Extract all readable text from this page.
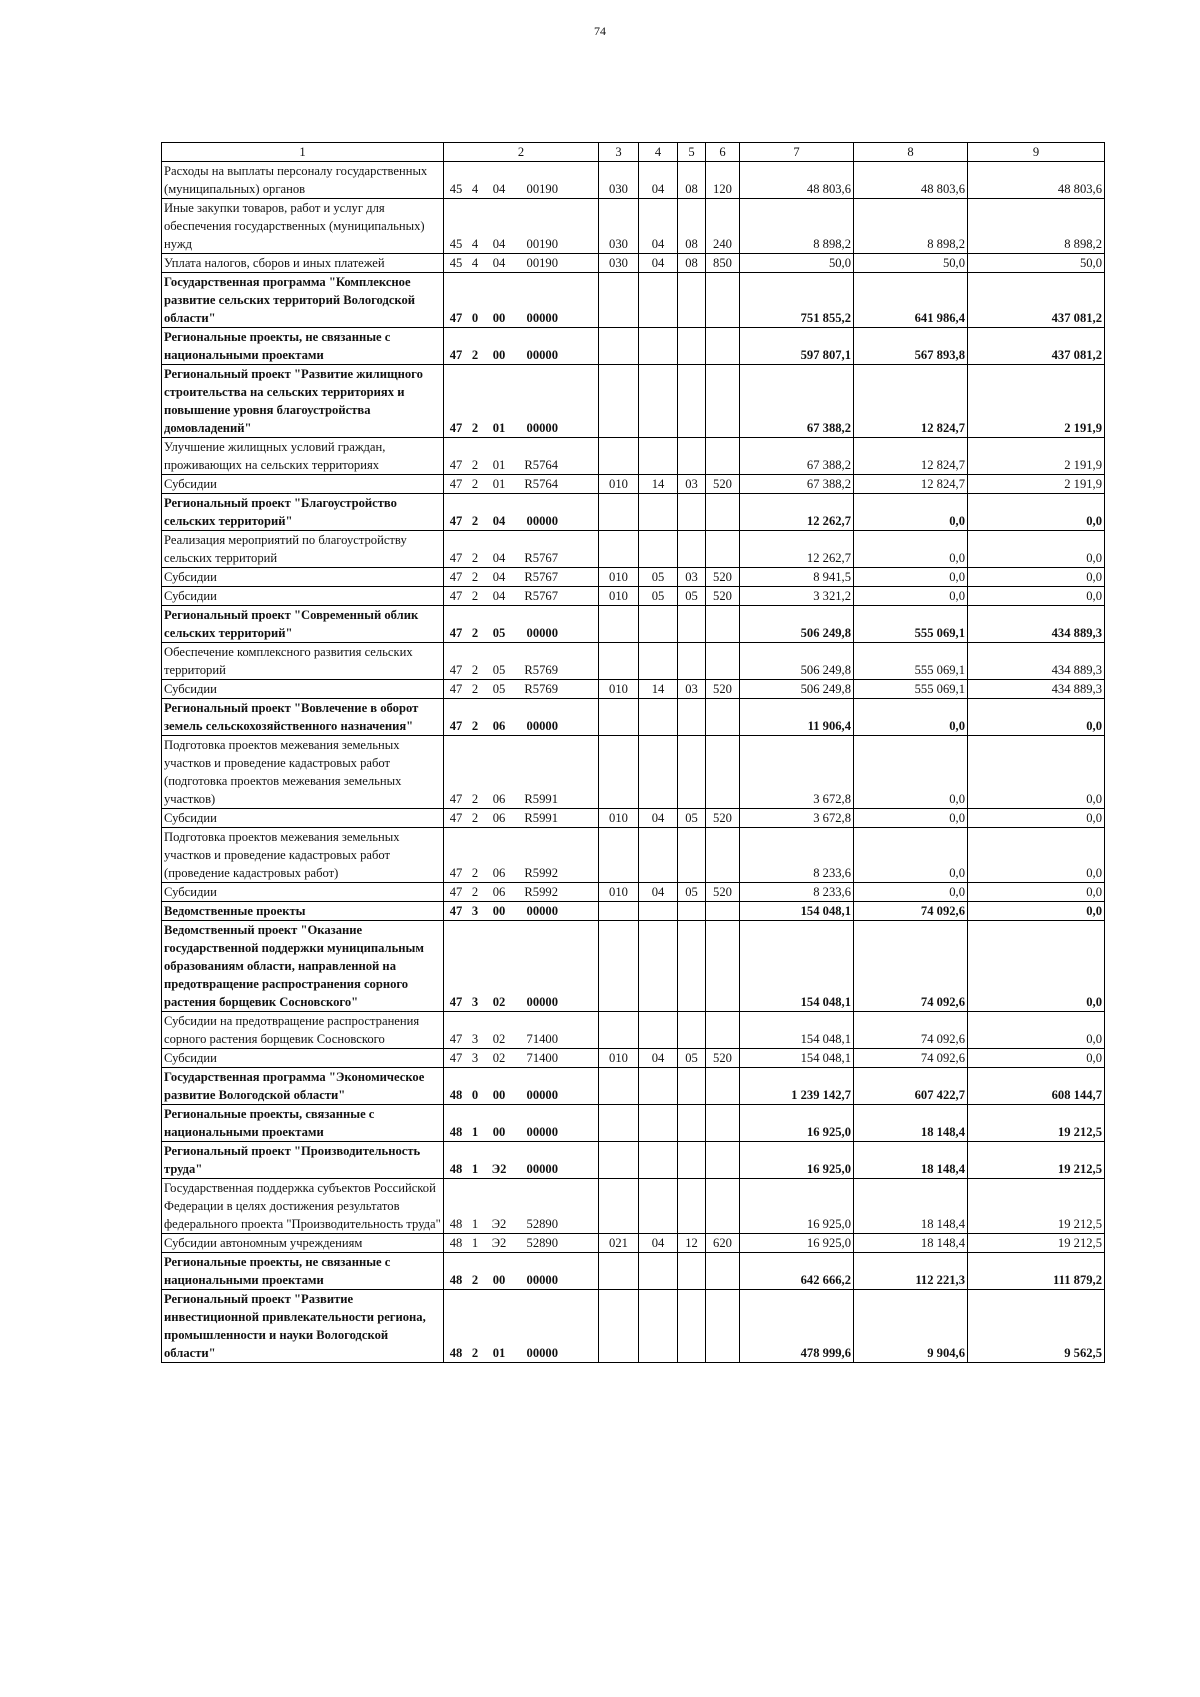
74
1	2	3	4	5	6	7	8	9
Расходы на выплаты персоналу государственных (муниципальных) органов	45 4 04 00190	030	04	08	120	48 803,6	48 803,6	48 803,6
Иные закупки товаров, работ и услуг для обеспечения государственных (муниципальных) нужд	45 4 04 00190	030	04	08	240	8 898,2	8 898,2	8 898,2
Уплата налогов, сборов и иных платежей	45 4 04 00190	030	04	08	850	50,0	50,0	50,0
Государственная программа "Комплексное развитие сельских территорий Вологодской области"	47 0 00 00000					751 855,2	641 986,4	437 081,2
Региональные проекты, не связанные с национальными проектами	47 2 00 00000					597 807,1	567 893,8	437 081,2
Региональный проект "Развитие жилищного строительства на сельских территориях и повышение уровня благоустройства домовладений"	47 2 01 00000					67 388,2	12 824,7	2 191,9
Улучшение жилищных условий граждан, проживающих на сельских территориях	47 2 01 R5764					67 388,2	12 824,7	2 191,9
Субсидии	47 2 01 R5764	010	14	03	520	67 388,2	12 824,7	2 191,9
Региональный проект "Благоустройство сельских территорий"	47 2 04 00000					12 262,7	0,0	0,0
Реализация мероприятий по благоустройству сельских территорий	47 2 04 R5767					12 262,7	0,0	0,0
Субсидии	47 2 04 R5767	010	05	03	520	8 941,5	0,0	0,0
Субсидии	47 2 04 R5767	010	05	05	520	3 321,2	0,0	0,0
Региональный проект "Современный облик сельских территорий"	47 2 05 00000					506 249,8	555 069,1	434 889,3
Обеспечение комплексного развития сельских территорий	47 2 05 R5769					506 249,8	555 069,1	434 889,3
Субсидии	47 2 05 R5769	010	14	03	520	506 249,8	555 069,1	434 889,3
Региональный проект "Вовлечение в оборот земель сельскохозяйственного назначения"	47 2 06 00000					11 906,4	0,0	0,0
Подготовка проектов межевания земельных участков и проведение кадастровых работ (подготовка проектов межевания земельных участков)	47 2 06 R5991					3 672,8	0,0	0,0
Субсидии	47 2 06 R5991	010	04	05	520	3 672,8	0,0	0,0
Подготовка проектов межевания земельных участков и проведение кадастровых работ (проведение кадастровых работ)	47 2 06 R5992					8 233,6	0,0	0,0
Субсидии	47 2 06 R5992	010	04	05	520	8 233,6	0,0	0,0
Ведомственные проекты	47 3 00 00000					154 048,1	74 092,6	0,0
Ведомственный проект "Оказание государственной поддержки муниципальным образованиям области, направленной на предотвращение распространения сорного растения борщевик Сосновского"	47 3 02 00000					154 048,1	74 092,6	0,0
Субсидии на предотвращение распространения сорного растения борщевик Сосновского	47 3 02 71400					154 048,1	74 092,6	0,0
Субсидии	47 3 02 71400	010	04	05	520	154 048,1	74 092,6	0,0
Государственная программа "Экономическое развитие Вологодской области"	48 0 00 00000					1 239 142,7	607 422,7	608 144,7
Региональные проекты, связанные с национальными проектами	48 1 00 00000					16 925,0	18 148,4	19 212,5
Региональный проект "Производительность труда"	48 1 Э2 00000					16 925,0	18 148,4	19 212,5
Государственная поддержка субъектов Российской Федерации в целях достижения результатов федерального проекта "Производительность труда"	48 1 Э2 52890					16 925,0	18 148,4	19 212,5
Субсидии автономным учреждениям	48 1 Э2 52890	021	04	12	620	16 925,0	18 148,4	19 212,5
Региональные проекты, не связанные с национальными проектами	48 2 00 00000					642 666,2	112 221,3	111 879,2
Региональный проект "Развитие инвестиционной привлекательности региона, промышленности и науки Вологодской области"	48 2 01 00000					478 999,6	9 904,6	9 562,5
